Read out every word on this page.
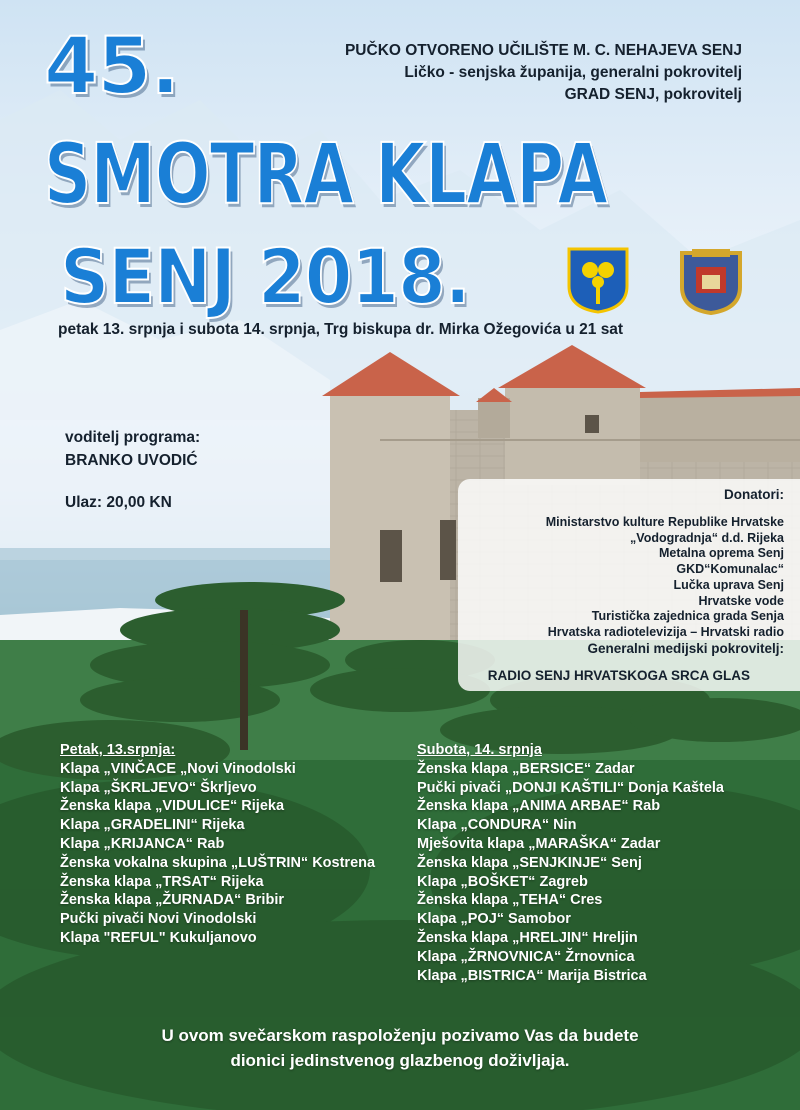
45.
SMOTRA KLAPA
SENJ 2018.
PUČKO OTVORENO UČILIŠTE M. C. NEHAJEVA SENJ
Ličko - senjska županija, generalni pokrovitelj
GRAD SENJ, pokrovitelj
petak 13. srpnja i subota 14. srpnja, Trg biskupa dr. Mirka Ožegovića u 21 sat
voditelj programa:
BRANKO UVODIĆ
Ulaz: 20,00 KN	Donatori:
Ministarstvo kulture Republike Hrvatske
„Vodogradnja“ d.d. Rijeka
Metalna oprema Senj
GKD“Komunalac“
Lučka uprava Senj
Hrvatske vode
Turistička zajednica grada Senja
Hrvatska radiotelevizija – Hrvatski radio
Generalni medijski pokrovitelj:
RADIO SENJ HRVATSKOGA SRCA GLAS
Petak, 13.srpnja:
Klapa „VINČACE „Novi Vinodolski
Klapa „ŠKRLJEVO“ Škrljevo
Ženska klapa „VIDULICE“ Rijeka
Klapa „GRADELINI“ Rijeka
Klapa „KRIJANCA“ Rab
Ženska vokalna skupina „LUŠTRIN“ Kostrena
Ženska klapa „TRSAT“ Rijeka
Ženska klapa „ŽURNADA“ Bribir
Pučki pivači Novi Vinodolski
Klapa "REFUL" Kukuljanovo
Subota, 14. srpnja
Ženska klapa „BERSICE“ Zadar
Pučki pivači „DONJI KAŠTILI“ Donja Kaštela
Ženska klapa „ANIMA ARBAE“ Rab
Klapa „CONDURA“ Nin
Mješovita klapa „MARAŠKA“ Zadar
Ženska klapa „SENJKINJE“ Senj
Klapa „BOŠKET“ Zagreb
Ženska klapa „TEHA“ Cres
Klapa „POJ“ Samobor
Ženska klapa „HRELJIN“ Hreljin
Klapa „ŽRNOVNICA“ Žrnovnica
Klapa „BISTRICA“ Marija Bistrica
U ovom svečarskom raspoloženju pozivamo Vas da budete
dionici jedinstvenog glazbenog doživljaja.
